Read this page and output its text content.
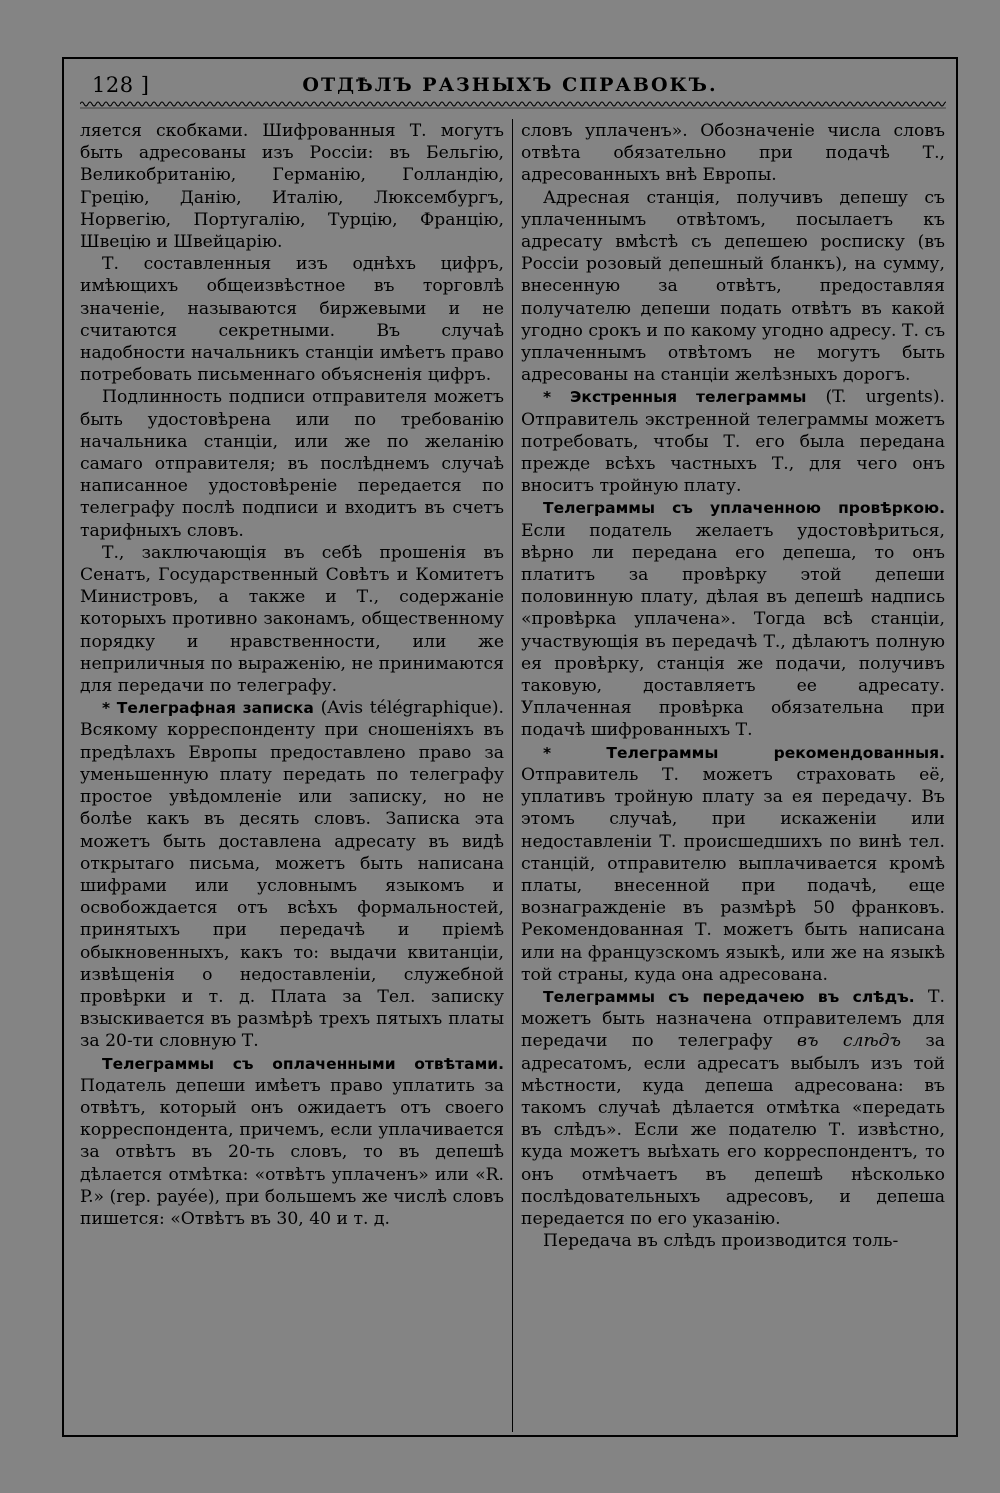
128 ]	ОТДѢЛЪ РАЗНЫХЪ СПРАВОКЪ.

ляется скобками. Шифрованныя Т. могутъ быть адресованы изъ Россіи: въ Бельгію, Великобританію, Германію, Голландію, Грецію, Данію, Италію, Люксембургъ, Норвегію, Португалію, Турцію, Францію, Швецію и Швейцарію.

Т. составленныя изъ однѣхъ цифръ, имѣющихъ общеизвѣстное въ торговлѣ значеніе, называются биржевыми и не считаются секретными. Въ случаѣ надобности начальникъ станціи имѣетъ право потребовать письменнаго объясненія цифръ.

Подлинность подписи отправителя можетъ быть удостовѣрена или по требованію начальника станціи, или же по желанію самаго отправителя; въ послѣднемъ случаѣ написанное удостовѣреніе передается по телеграфу послѣ подписи и входитъ въ счетъ тарифныхъ словъ.

Т., заключающія въ себѣ прошенія въ Сенатъ, Государственный Совѣтъ и Комитетъ Министровъ, а также и Т., содержаніе которыхъ противно законамъ, общественному порядку и нравственности, или же неприличныя по выраженію, не принимаются для передачи по телеграфу.

* Телеграфная записка (Avis télégraphique). Всякому корреспонденту при сношеніяхъ въ предѣлахъ Европы предоставлено право за уменьшенную плату передать по телеграфу простое увѣдомленіе или записку, но не болѣе какъ въ десять словъ. Записка эта можетъ быть доставлена адресату въ видѣ открытаго письма, можетъ быть написана шифрами или условнымъ языкомъ и освобождается отъ всѣхъ формальностей, принятыхъ при передачѣ и пріемѣ обыкновенныхъ, какъ то: выдачи квитанціи, извѣщенія о недоставленіи, служебной провѣрки и т. д. Плата за Тел. записку взыскивается въ размѣрѣ трехъ пятыхъ платы за 20-ти словную Т.

Телеграммы съ оплаченными отвѣтами. Податель депеши имѣетъ право уплатить за отвѣтъ, который онъ ожидаетъ отъ своего корреспондента, причемъ, если уплачивается за отвѣтъ въ 20-ть словъ, то въ депешѣ дѣлается отмѣтка: «отвѣтъ уплаченъ» или «R. P.» (rep. payée), при большемъ же числѣ словъ пишется: «Отвѣтъ въ 30, 40 и т. д.

словъ уплаченъ». Обозначеніе числа словъ отвѣта обязательно при подачѣ Т., адресованныхъ внѣ Европы.

Адресная станція, получивъ депешу съ уплаченнымъ отвѣтомъ, посылаетъ къ адресату вмѣстѣ съ депешею росписку (въ Россіи розовый депешный бланкъ), на сумму, внесенную за отвѣтъ, предоставляя получателю депеши подать отвѣтъ въ какой угодно срокъ и по какому угодно адресу. Т. съ уплаченнымъ отвѣтомъ не могутъ быть адресованы на станціи желѣзныхъ дорогъ.

* Экстренныя телеграммы (T. urgents). Отправитель экстренной телеграммы можетъ потребовать, чтобы Т. его была передана прежде всѣхъ частныхъ Т., для чего онъ вноситъ тройную плату.

Телеграммы съ уплаченною провѣркою. Если податель желаетъ удостовѣриться, вѣрно ли передана его депеша, то онъ платитъ за провѣрку этой депеши половинную плату, дѣлая въ депешѣ надпись «провѣрка уплачена». Тогда всѣ станціи, участвующія въ передачѣ Т., дѣлаютъ полную ея провѣрку, станція же подачи, получивъ таковую, доставляетъ ее адресату. Уплаченная провѣрка обязательна при подачѣ шифрованныхъ Т.

* Телеграммы рекомендованныя. Отправитель Т. можетъ страховать её, уплативъ тройную плату за ея передачу. Въ этомъ случаѣ, при искаженіи или недоставленіи Т. происшедшихъ по винѣ тел. станцій, отправителю выплачивается кромѣ платы, внесенной при подачѣ, еще вознагражденіе въ размѣрѣ 50 франковъ. Рекомендованная Т. можетъ быть написана или на французскомъ языкѣ, или же на языкѣ той страны, куда она адресована.

Телеграммы съ передачею въ слѣдъ. Т. можетъ быть назначена отправителемъ для передачи по телеграфу въ слѣдъ за адресатомъ, если адресатъ выбылъ изъ той мѣстности, куда депеша адресована: въ такомъ случаѣ дѣлается отмѣтка «передать въ слѣдъ». Если же подателю Т. извѣстно, куда можетъ выѣхать его корреспондентъ, то онъ отмѣчаетъ въ депешѣ нѣсколько послѣдовательныхъ адресовъ, и депеша передается по его указанію.

Передача въ слѣдъ производится толь-
